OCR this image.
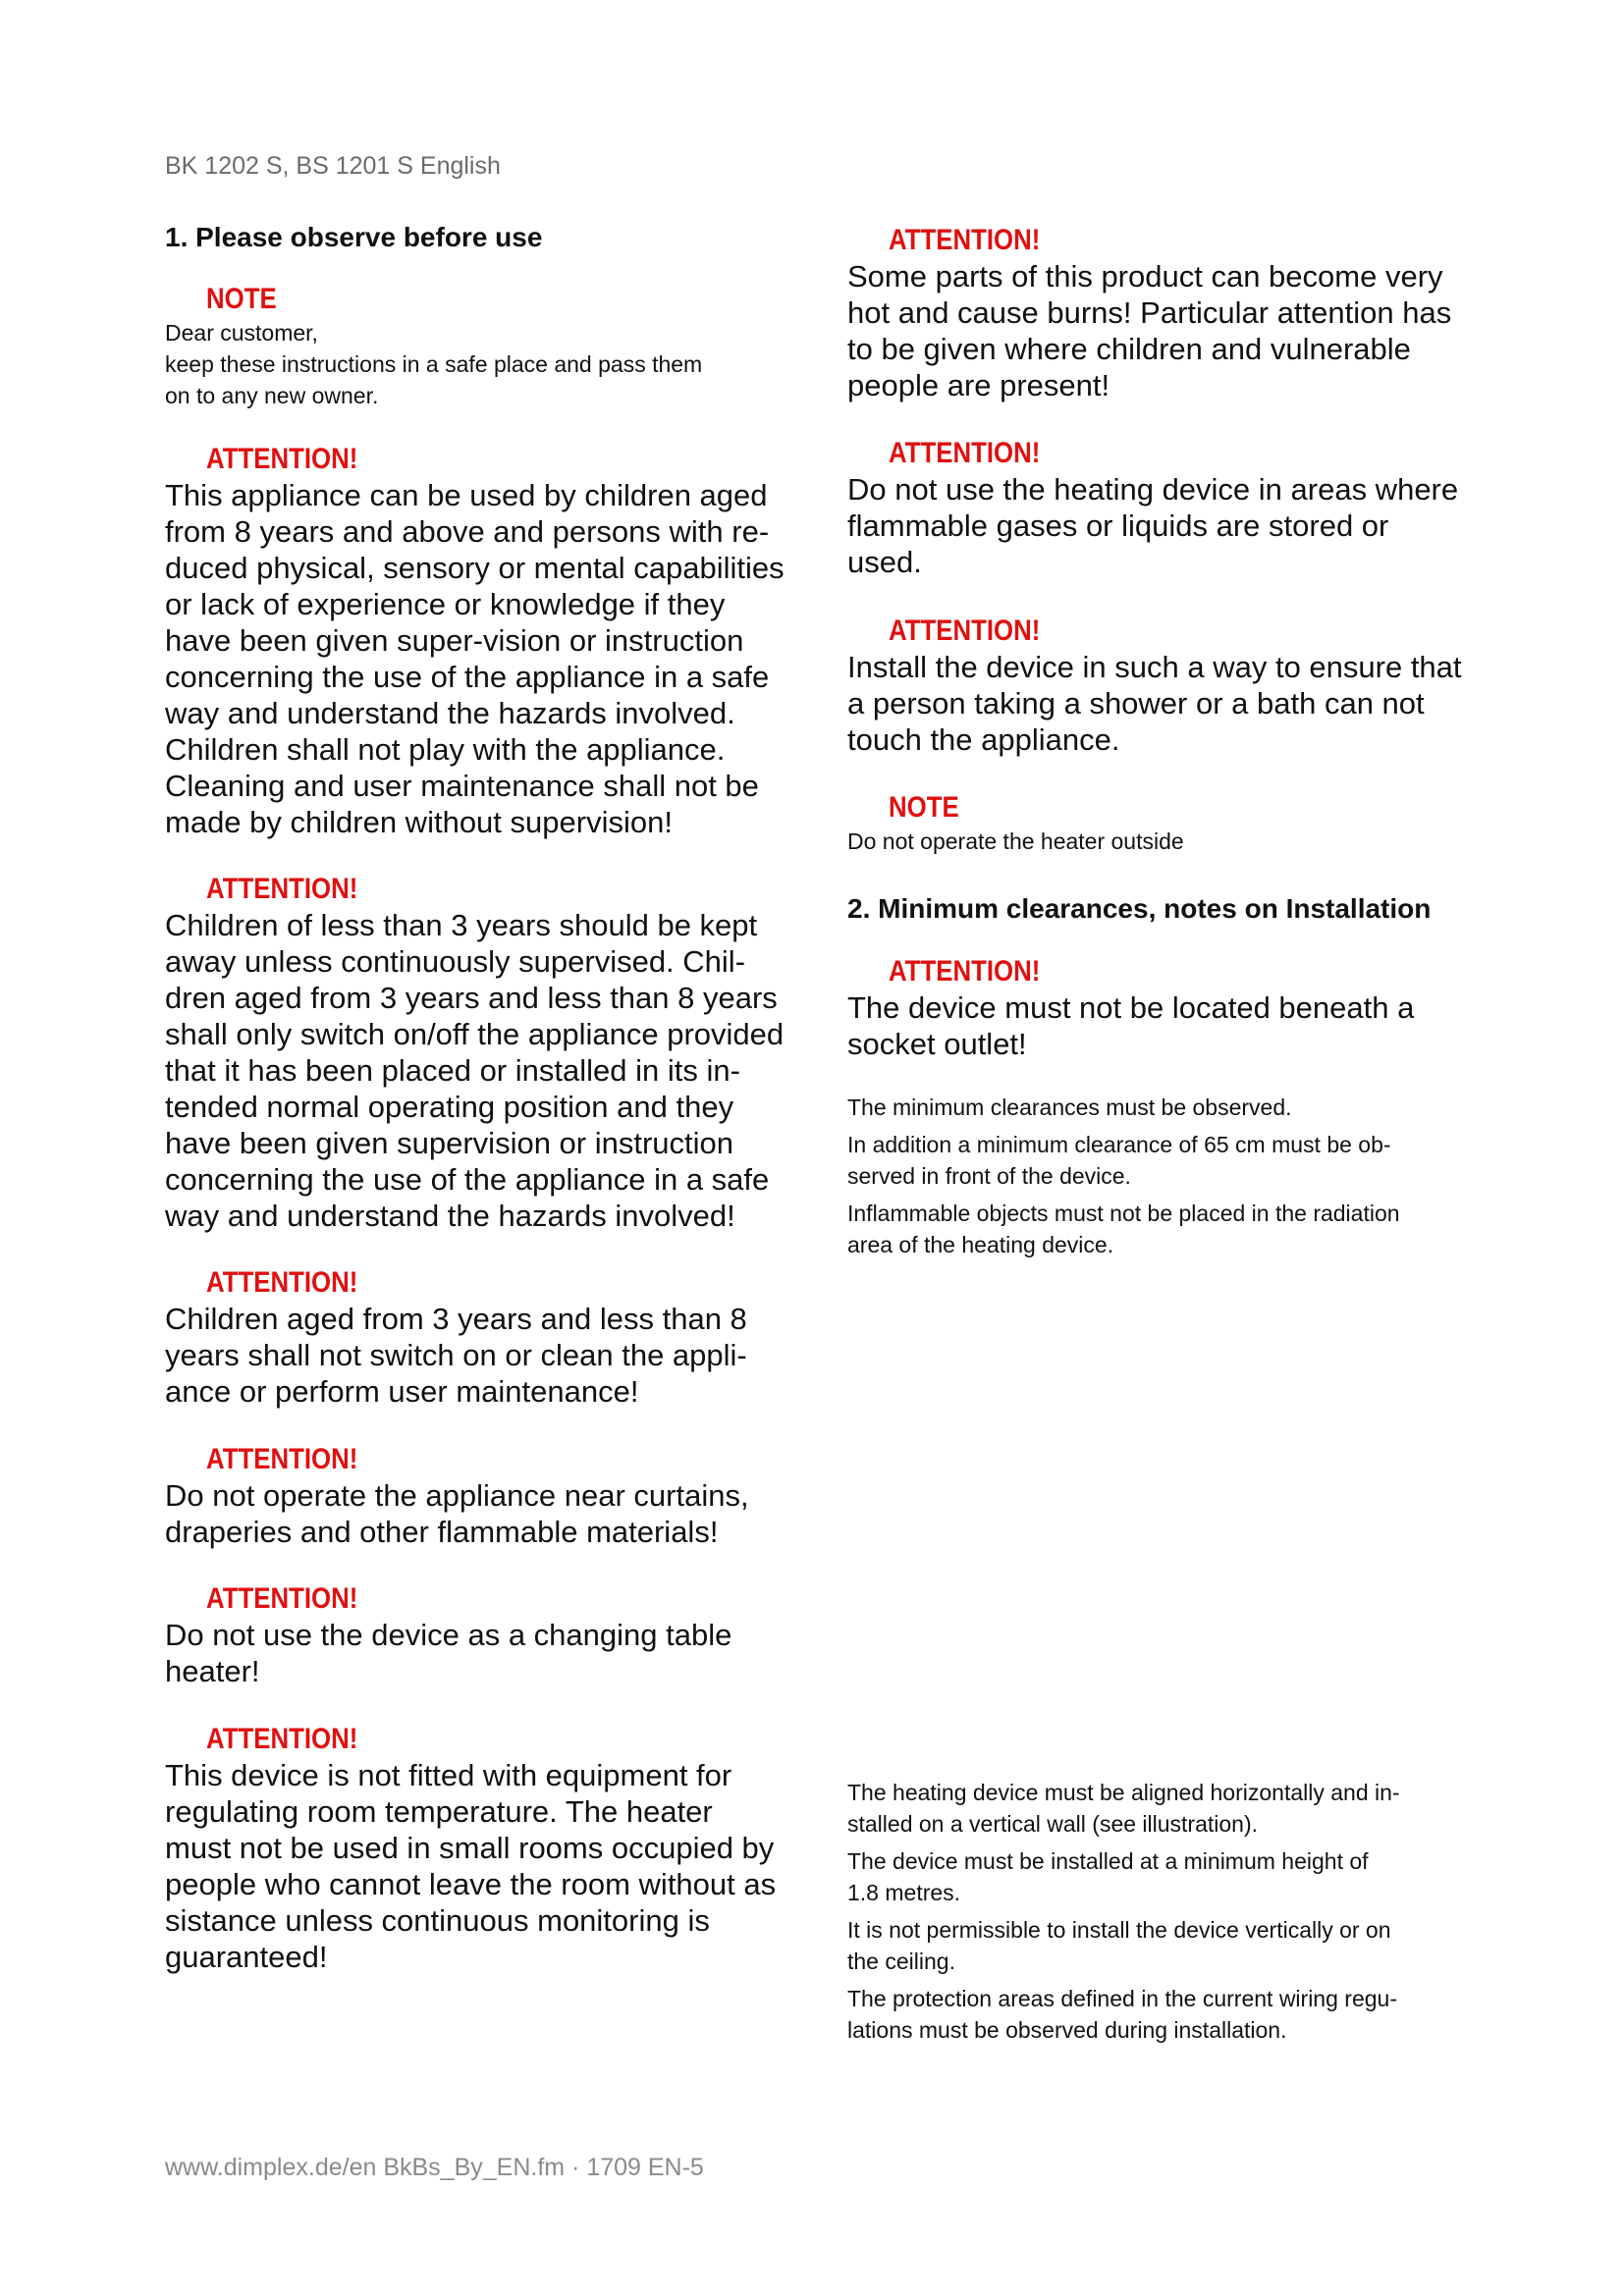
BK 1202 S, BS 1201 S English

1. Please observe before use

NOTE
Dear customer,
keep these instructions in a safe place and pass them
on to any new owner.
ATTENTION!
This appliance can be used by children aged
from 8 years and above and persons with re-
duced physical, sensory or mental capabilities
or lack of experience or knowledge if they
have been given super-vision or instruction
concerning the use of the appliance in a safe
way and understand the hazards involved.
Children shall not play with the appliance.
Cleaning and user maintenance shall not be
made by children without supervision!
ATTENTION!
Children of less than 3 years should be kept
away unless continuously supervised. Chil-
dren aged from 3 years and less than 8 years
shall only switch on/off the appliance provided
that it has been placed or installed in its in-
tended normal operating position and they
have been given supervision or instruction
concerning the use of the appliance in a safe
way and understand the hazards involved!
ATTENTION!
Children aged from 3 years and less than 8
years shall not switch on or clean the appli-
ance or perform user maintenance!
ATTENTION!
Do not operate the appliance near curtains,
draperies and other flammable materials!
ATTENTION!
Do not use the device as a changing table
heater!
ATTENTION!
This device is not fitted with equipment for
regulating room temperature. The heater
must not be used in small rooms occupied by
people who cannot leave the room without as
sistance unless continuous monitoring is
guaranteed!
ATTENTION!
Some parts of this product can become very
hot and cause burns! Particular attention has
to be given where children and vulnerable
people are present!
ATTENTION!
Do not use the heating device in areas where
flammable gases or liquids are stored or
used.
ATTENTION!
Install the device in such a way to ensure that
a person taking a shower or a bath can not
touch the appliance.
NOTE
Do not operate the heater outside

2. Minimum clearances, notes on Installation

ATTENTION!
The device must not be located beneath a
socket outlet!
The minimum clearances must be observed.
In addition a minimum clearance of 65 cm must be ob-
served in front of the device.
Inflammable objects must not be placed in the radiation
area of the heating device.
The heating device must be aligned horizontally and in-
stalled on a vertical wall (see illustration).
The device must be installed at a minimum height of
1.8 metres.
It is not permissible to install the device vertically or on
the ceiling.
The protection areas defined in the current wiring regu-
lations must be observed during installation.
www.dimplex.de/en BkBs_By_EN.fm · 1709 EN-5
